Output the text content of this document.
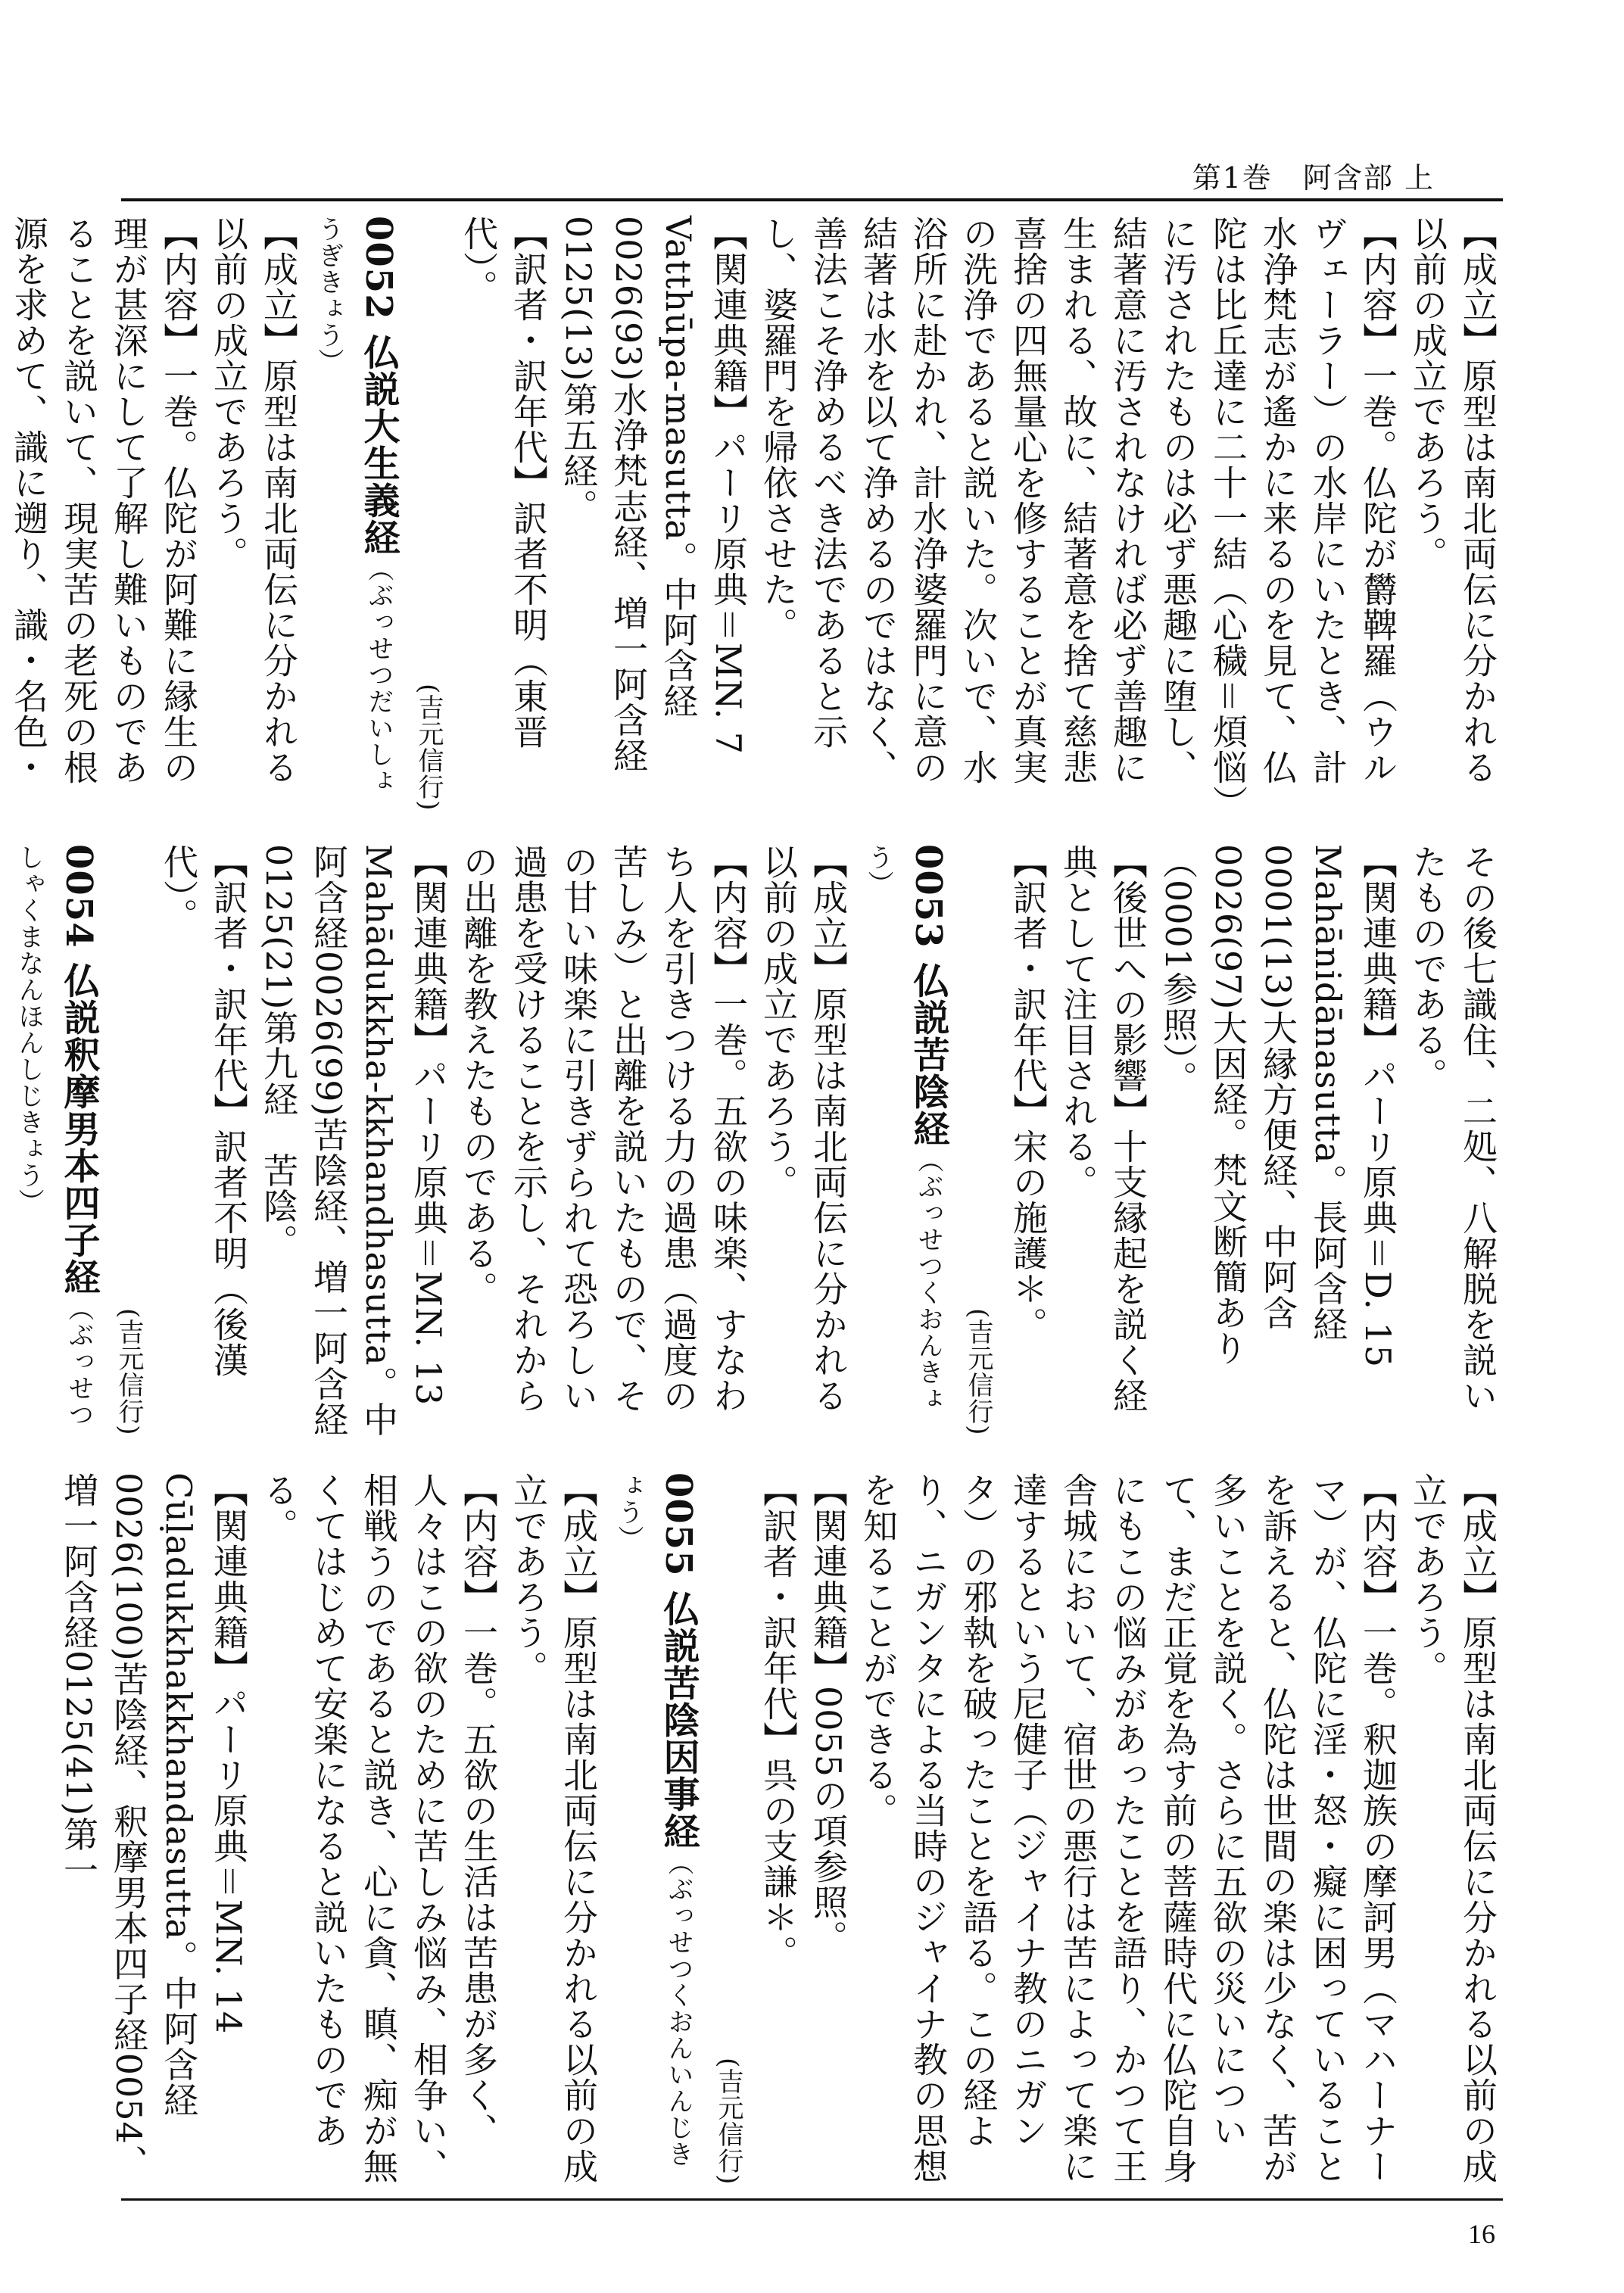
第1巻　阿含部 上
【成立】原型は南北両伝に分かれる以前の成立であろう。
【内容】一巻。仏陀が欝鞞羅（ウルヴェーラー）の水岸にいたとき、計水浄梵志が遙かに来るのを見て、仏陀は比丘達に二十一結（心穢＝煩悩）に汚されたものは必ず悪趣に堕し、結著意に汚されなければ必ず善趣に生まれる、故に、結著意を捨て慈悲喜捨の四無量心を修することが真実の洗浄であると説いた。次いで、水浴所に赴かれ、計水浄婆羅門に意の結著は水を以て浄めるのではなく、善法こそ浄めるべき法であると示し、婆羅門を帰依させた。
【関連典籍】パーリ原典＝MN. 7 Vatthūpa-masutta。中阿含経0026(93)水浄梵志経、増一阿含経0125(13)第五経。
【訳者・訳年代】訳者不明（東晋代）。
(吉元信行)
0052 仏説大生義経（ぶっせつだいしょうぎきょう）
【成立】原型は南北両伝に分かれる以前の成立であろう。
【内容】一巻。仏陀が阿難に縁生の理が甚深にして了解し難いものであることを説いて、現実苦の老死の根源を求めて、識に遡り、識・名色・
その後七識住、二処、八解脱を説いたものである。
【関連典籍】パーリ原典＝D. 15 Mahānidānasutta。長阿含経0001(13)大縁方便経、中阿含0026(97)大因経。梵文断簡あり（0001参照）。
【後世への影響】十支縁起を説く経典として注目される。
【訳者・訳年代】宋の施護＊。
(吉元信行)
0053 仏説苦陰経（ぶっせつくおんきょう）
【成立】原型は南北両伝に分かれる以前の成立であろう。
【内容】一巻。五欲の味楽、すなわち人を引きつける力の過患（過度の苦しみ）と出離を説いたもので、その甘い味楽に引きずられて恐ろしい過患を受けることを示し、それからの出離を教えたものである。
【関連典籍】パーリ原典＝MN. 13 Mahādukkha-kkhandhasutta。中阿含経0026(99)苦陰経、増一阿含経0125(21)第九経　苦陰。
【訳者・訳年代】訳者不明（後漢代）。
(吉元信行)
0054 仏説釈摩男本四子経（ぶっせつしゃくまなんほんしじきょう）
【成立】原型は南北両伝に分かれる以前の成立であろう。
【内容】一巻。釈迦族の摩訶男（マハーナーマ）が、仏陀に淫・怒・癡に困っていることを訴えると、仏陀は世間の楽は少なく、苦が多いことを説く。さらに五欲の災いについて、まだ正覚を為す前の菩薩時代に仏陀自身にもこの悩みがあったことを語り、かつて王舎城において、宿世の悪行は苦によって楽に達するという尼健子（ジャイナ教のニガンタ）の邪執を破ったことを語る。この経より、ニガンタによる当時のジャイナ教の思想を知ることができる。
【関連典籍】0055の項参照。
【訳者・訳年代】呉の支謙＊。
(吉元信行)
0055 仏説苦陰因事経（ぶっせつくおんいんじきょう）
【成立】原型は南北両伝に分かれる以前の成立であろう。
【内容】一巻。五欲の生活は苦患が多く、人々はこの欲のために苦しみ悩み、相争い、相戦うのであると説き、心に貪、瞋、痴が無くてはじめて安楽になると説いたものである。
【関連典籍】パーリ原典＝MN. 14 Cūḷadukkhakkhandasutta。中阿含経0026(100)苦陰経、釈摩男本四子経0054、増一阿含経0125(41)第一
16
